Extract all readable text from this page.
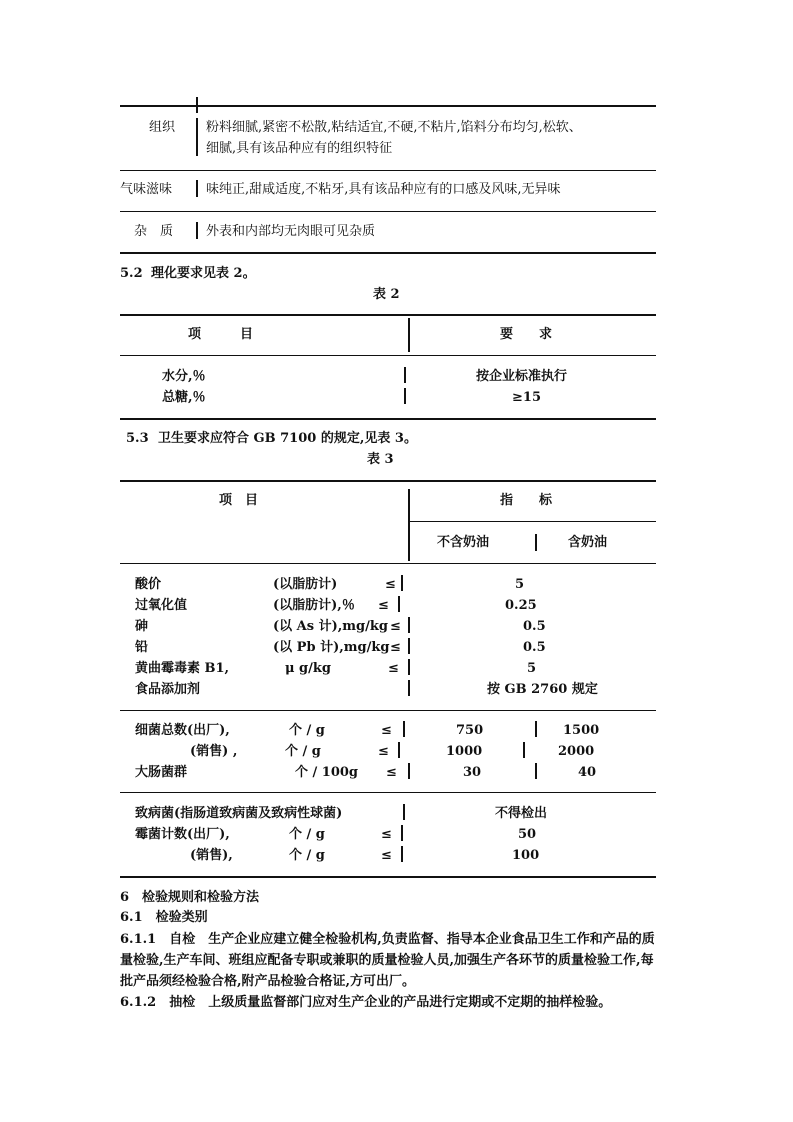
组织 粉料细腻,紧密不松散,粘结适宜,不硬,不粘片,馅料分布均匀,松软、
细腻,具有该品种应有的组织特征
气味滋味	味纯正,甜咸适度,不粘牙,具有该品种应有的口感及风味,无异味
杂　质	外表和内部均无肉眼可见杂质
5.2 理化要求见表 2。
表 2
项　　　目	要　　求
水分,％	按企业标准执行
总糖,％	≥15
5.3 卫生要求应符合 GB 7100 的规定,见表 3。
表 3
项　目	指　　标
不含奶油	含奶油
酸价	(以脂肪计)	≤	5
过氧化值	(以脂肪计),％ ≤	0.25
砷	(以 As 计),mg/kg ≤	0.5
铅	(以 Pb 计),mg/kg ≤	0.5
黄曲霉毒素 B1,	μ g/kg	≤	5
食品添加剂	按 GB 2760 规定
细菌总数(出厂),	个 / g	≤	750	1500
(销售) ,	个 / g	≤	1000	2000
大肠菌群	个 / 100g ≤	30	40
致病菌(指肠道致病菌及致病性球菌)	不得检出
霉菌计数(出厂),	个 / g	≤	50
(销售),	个 / g	≤	100
6　检验规则和检验方法
6.1　检验类别
6.1.1　自检　生产企业应建立健全检验机构,负责监督、指导本企业食品卫生工作和产品的质量检验,生产车间、班组应配备专职或兼职的质量检验人员,加强生产各环节的质量检验工作,每批产品须经检验合格,附产品检验合格证,方可出厂。
6.1.2　抽检　上级质量监督部门应对生产企业的产品进行定期或不定期的抽样检验。
